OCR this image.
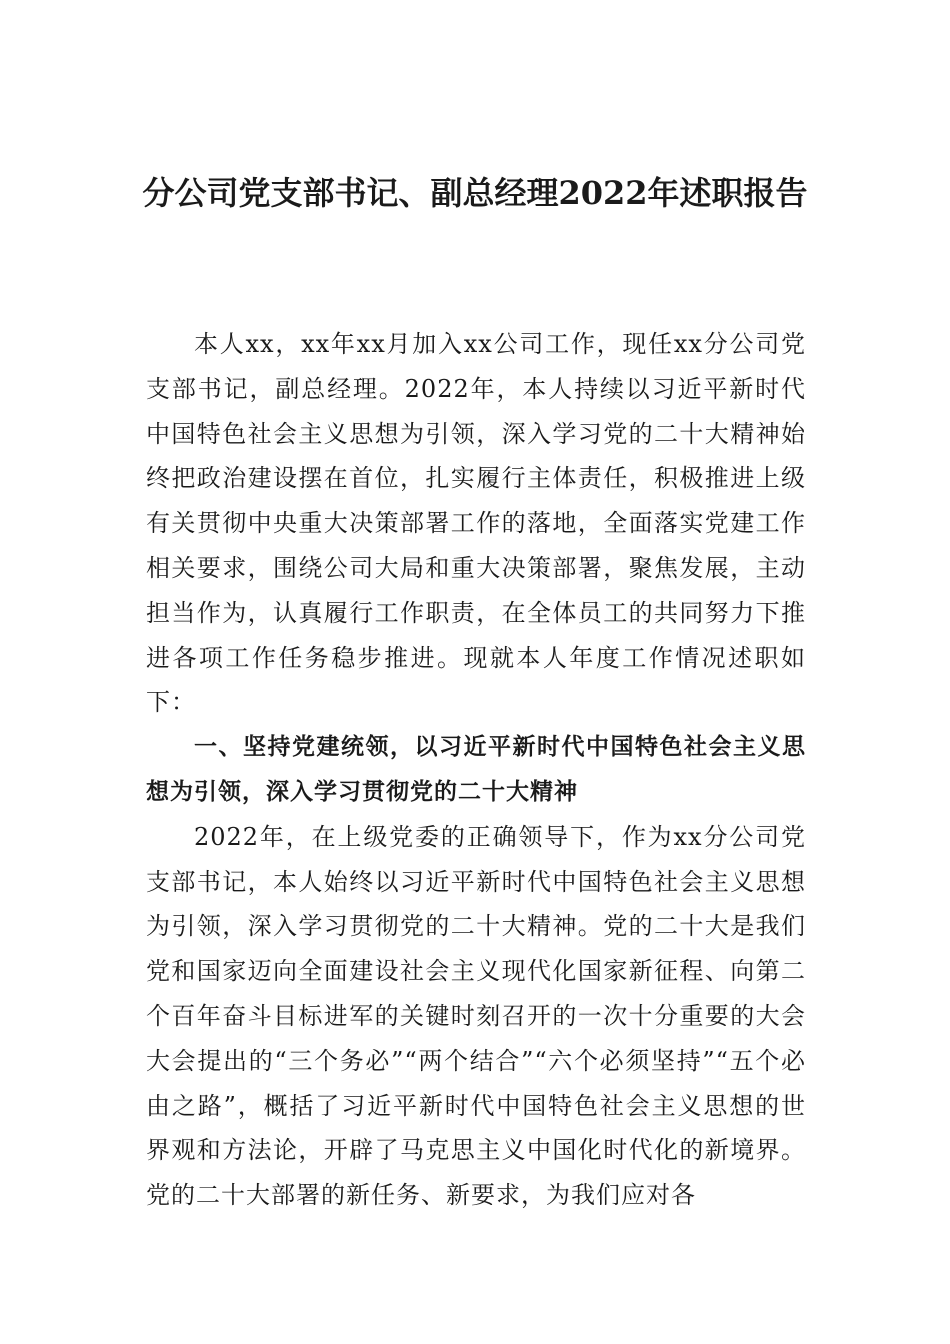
分公司党支部书记、副总经理2022年述职报告

本人xx，xx年xx月加入xx公司工作，现任xx分公司党支部书记，副总经理。2022年，本人持续以习近平新时代中国特色社会主义思想为引领，深入学习党的二十大精神始终把政治建设摆在首位，扎实履行主体责任，积极推进上级有关贯彻中央重大决策部署工作的落地，全面落实党建工作相关要求，围绕公司大局和重大决策部署，聚焦发展，主动担当作为，认真履行工作职责，在全体员工的共同努力下推进各项工作任务稳步推进。现就本人年度工作情况述职如下：

一、坚持党建统领，以习近平新时代中国特色社会主义思想为引领，深入学习贯彻党的二十大精神

2022年，在上级党委的正确领导下，作为xx分公司党支部书记，本人始终以习近平新时代中国特色社会主义思想为引领，深入学习贯彻党的二十大精神。党的二十大是我们党和国家迈向全面建设社会主义现代化国家新征程、向第二个百年奋斗目标进军的关键时刻召开的一次十分重要的大会大会提出的“三个务必”“两个结合”“六个必须坚持”“五个必由之路”，概括了习近平新时代中国特色社会主义思想的世界观和方法论，开辟了马克思主义中国化时代化的新境界。党的二十大部署的新任务、新要求，为我们应对各
